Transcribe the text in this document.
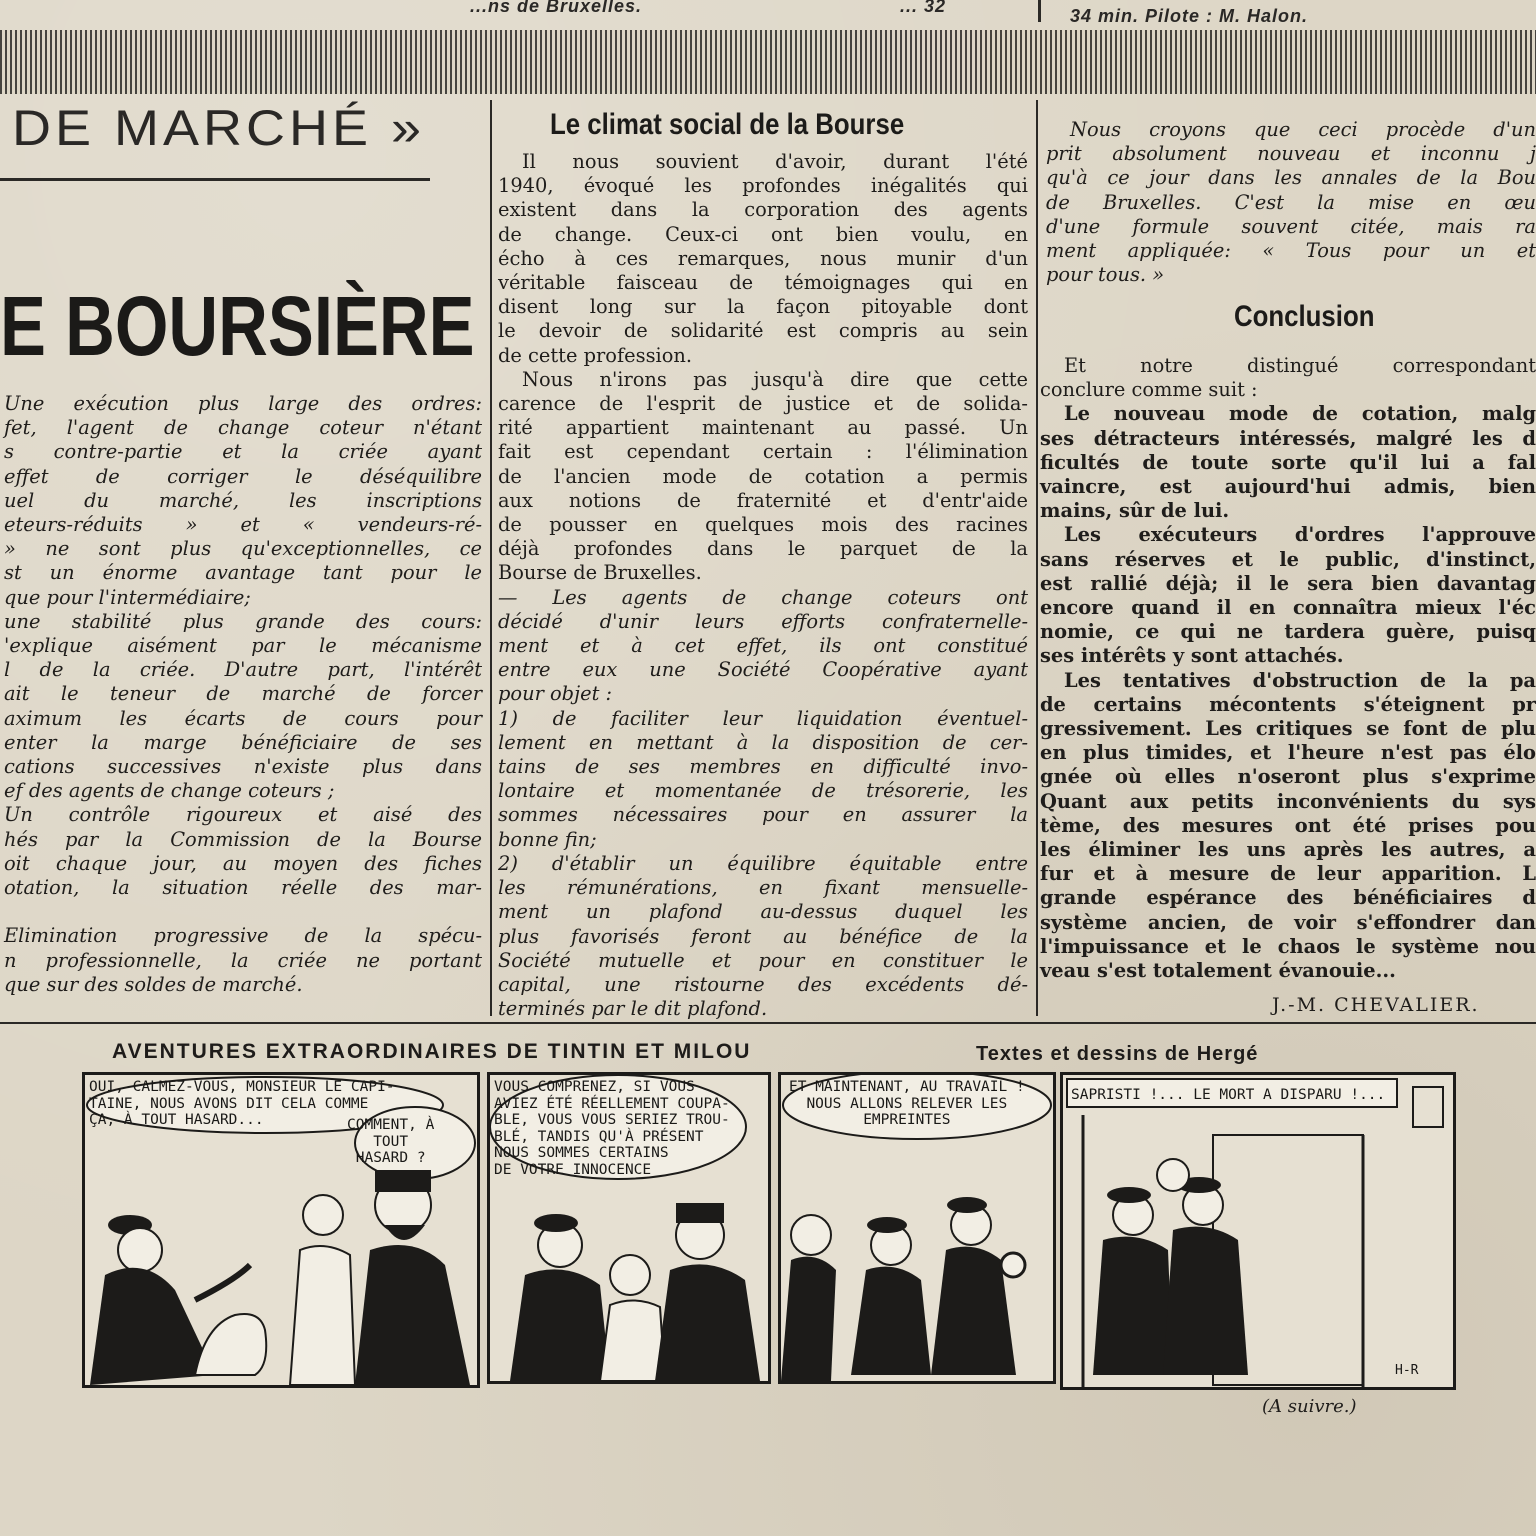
...ns de Bruxelles.	... 32	34 min. Pilote : M. Halon.
DE MARCHÉ »
E BOURSIÈRE

Une exécution plus large des ordres:

fet, l'agent de change coteur n'étant

s contre-partie et la criée ayant

effet de corriger le déséquilibre

uel du marché, les inscriptions

eteurs-réduits » et « vendeurs-ré-

» ne sont plus qu'exceptionnelles, ce

st un énorme avantage tant pour le

que pour l'intermédiaire;

une stabilité plus grande des cours:

'explique aisément par le mécanisme

l de la criée. D'autre part, l'intérêt

ait le teneur de marché de forcer

aximum les écarts de cours pour

enter la marge bénéficiaire de ses

cations successives n'existe plus dans

ef des agents de change coteurs ;

Un contrôle rigoureux et aisé des

hés par la Commission de la Bourse

oit chaque jour, au moyen des fiches

otation, la situation réelle des mar-

Elimination progressive de la spécu-

n professionnelle, la criée ne portant

que sur des soldes de marché.

Le climat social de la Bourse

Il nous souvient d'avoir, durant l'été

1940, évoqué les profondes inégalités qui

existent dans la corporation des agents

de change. Ceux-ci ont bien voulu, en

écho à ces remarques, nous munir d'un

véritable faisceau de témoignages qui en

disent long sur la façon pitoyable dont

le devoir de solidarité est compris au sein

de cette profession.

Nous n'irons pas jusqu'à dire que cette

carence de l'esprit de justice et de solida-

rité appartient maintenant au passé. Un

fait est cependant certain : l'élimination

de l'ancien mode de cotation a permis

aux notions de fraternité et d'entr'aide

de pousser en quelques mois des racines

déjà profondes dans le parquet de la

Bourse de Bruxelles.

— Les agents de change coteurs ont

décidé d'unir leurs efforts confraternelle-

ment et à cet effet, ils ont constitué

entre eux une Société Coopérative ayant

pour objet :

1) de faciliter leur liquidation éventuel-

lement en mettant à la disposition de cer-

tains de ses membres en difficulté invo-

lontaire et momentanée de trésorerie, les

sommes nécessaires pour en assurer la

bonne fin;

2) d'établir un équilibre équitable entre

les rémunérations, en fixant mensuelle-

ment un plafond au-dessus duquel les

plus favorisés feront au bénéfice de la

Société mutuelle et pour en constituer le

capital, une ristourne des excédents dé-

terminés par le dit plafond.

Nous croyons que ceci procède d'un

prit absolument nouveau et inconnu j

qu'à ce jour dans les annales de la Bou

de Bruxelles. C'est la mise en œu

d'une formule souvent citée, mais ra

ment appliquée: « Tous pour un et

pour tous. »

Conclusion

Et notre distingué correspondant

conclure comme suit :

Le nouveau mode de cotation, malg

ses détracteurs intéressés, malgré les d

ficultés de toute sorte qu'il lui a fal

vaincre, est aujourd'hui admis, bien

mains, sûr de lui.

Les exécuteurs d'ordres l'approuve

sans réserves et le public, d'instinct,

est rallié déjà; il le sera bien davantag

encore quand il en connaîtra mieux l'éc

nomie, ce qui ne tardera guère, puisq

ses intérêts y sont attachés.

Les tentatives d'obstruction de la pa

de certains mécontents s'éteignent pr

gressivement. Les critiques se font de plu

en plus timides, et l'heure n'est pas élo

gnée où elles n'oseront plus s'exprime

Quant aux petits inconvénients du sys

tème, des mesures ont été prises pou

les éliminer les uns après les autres, a

fur et à mesure de leur apparition. L

grande espérance des bénéficiaires d

système ancien, de voir s'effondrer dan

l'impuissance et le chaos le système nou

veau s'est totalement évanouie...

J.-M. CHEVALIER.
AVENTURES EXTRAORDINAIRES DE TINTIN ET MILOU	Textes et dessins de Hergé
OUI, CALMEZ-VOUS, MONSIEUR LE CAPI-
TAINE, NOUS AVONS DIT CELA COMME
ÇA, À TOUT HASARD...	COMMENT, À
TOUT
HASARD ?
VOUS COMPRENEZ, SI VOUS
AVIEZ ÉTÉ RÉELLEMENT COUPA-
BLE, VOUS VOUS SERIEZ TROU-
BLÉ, TANDIS QU'À PRÉSENT
NOUS SOMMES CERTAINS
DE VOTRE INNOCENCE
ET MAINTENANT, AU TRAVAIL !
NOUS ALLONS RELEVER LES
EMPREINTES
SAPRISTI !... LE MORT A DISPARU !...
H-R
(A suivre.)
